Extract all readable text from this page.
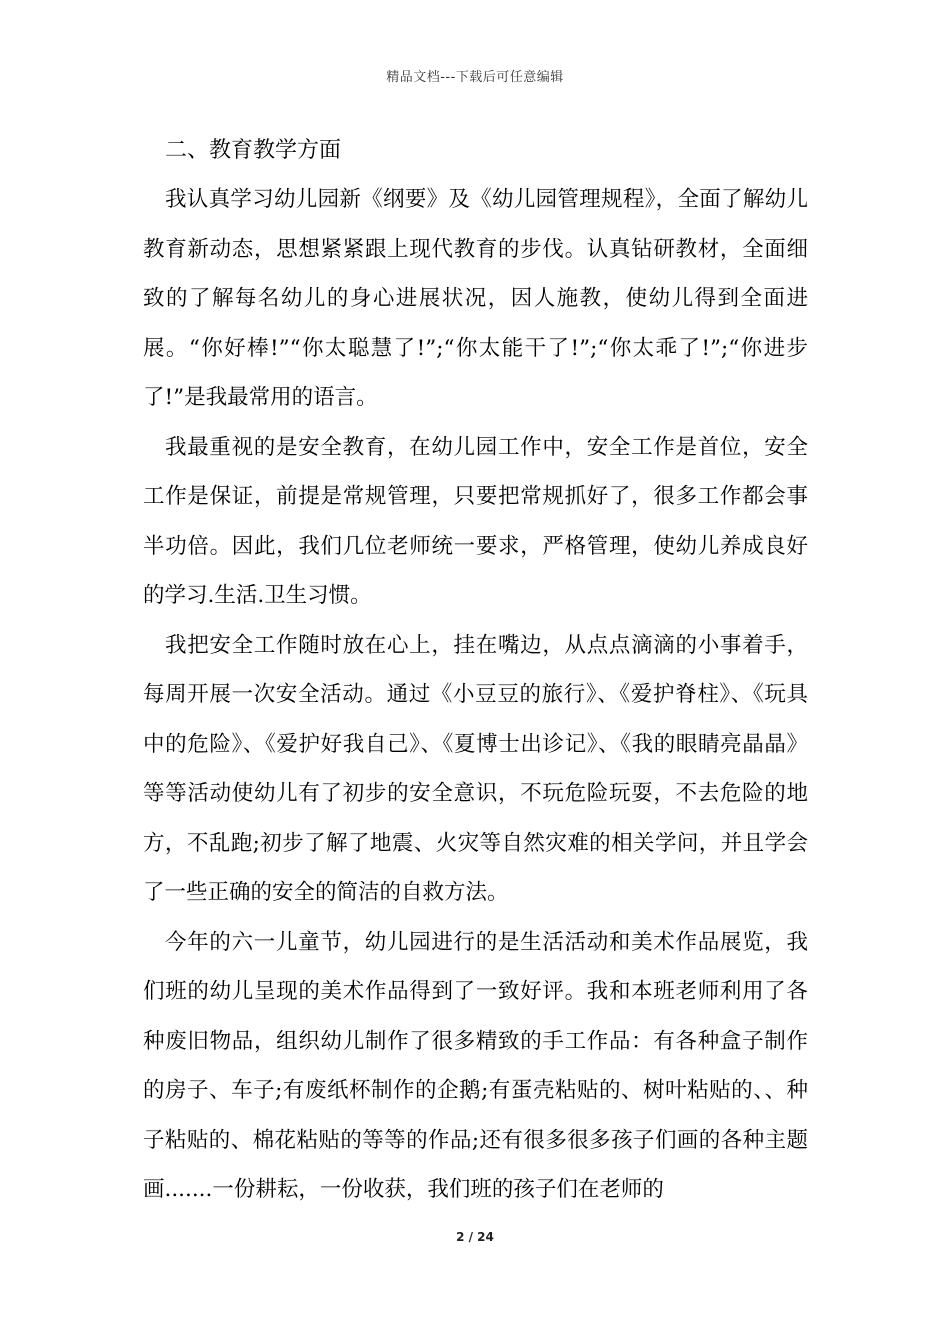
精品文档---下载后可任意编辑
二、教育教学方面

我认真学习幼儿园新《纲要》及《幼儿园管理规程》，全面了解幼儿教育新动态，思想紧紧跟上现代教育的步伐。认真钻研教材，全面细致的了解每名幼儿的身心进展状况，因人施教，使幼儿得到全面进展。“你好棒!”“你太聪慧了!”;“你太能干了!”;“你太乖了!”;“你进步了!”是我最常用的语言。

我最重视的是安全教育，在幼儿园工作中，安全工作是首位，安全工作是保证，前提是常规管理，只要把常规抓好了，很多工作都会事半功倍。因此，我们几位老师统一要求，严格管理，使幼儿养成良好的学习.生活.卫生习惯。

我把安全工作随时放在心上，挂在嘴边，从点点滴滴的小事着手，每周开展一次安全活动。通过《小豆豆的旅行》、《爱护脊柱》、《玩具中的危险》、《爱护好我自己》、《夏博士出诊记》、《我的眼睛亮晶晶》等等活动使幼儿有了初步的安全意识，不玩危险玩耍，不去危险的地方，不乱跑;初步了解了地震、火灾等自然灾难的相关学问，并且学会了一些正确的安全的简洁的自救方法。

今年的六一儿童节，幼儿园进行的是生活活动和美术作品展览，我们班的幼儿呈现的美术作品得到了一致好评。我和本班老师利用了各种废旧物品，组织幼儿制作了很多精致的手工作品：有各种盒子制作的房子、车子;有废纸杯制作的企鹅;有蛋壳粘贴的、树叶粘贴的、、种子粘贴的、棉花粘贴的等等的作品;还有很多很多孩子们画的各种主题画.......一份耕耘，一份收获，我们班的孩子们在老师的

2 / 24
